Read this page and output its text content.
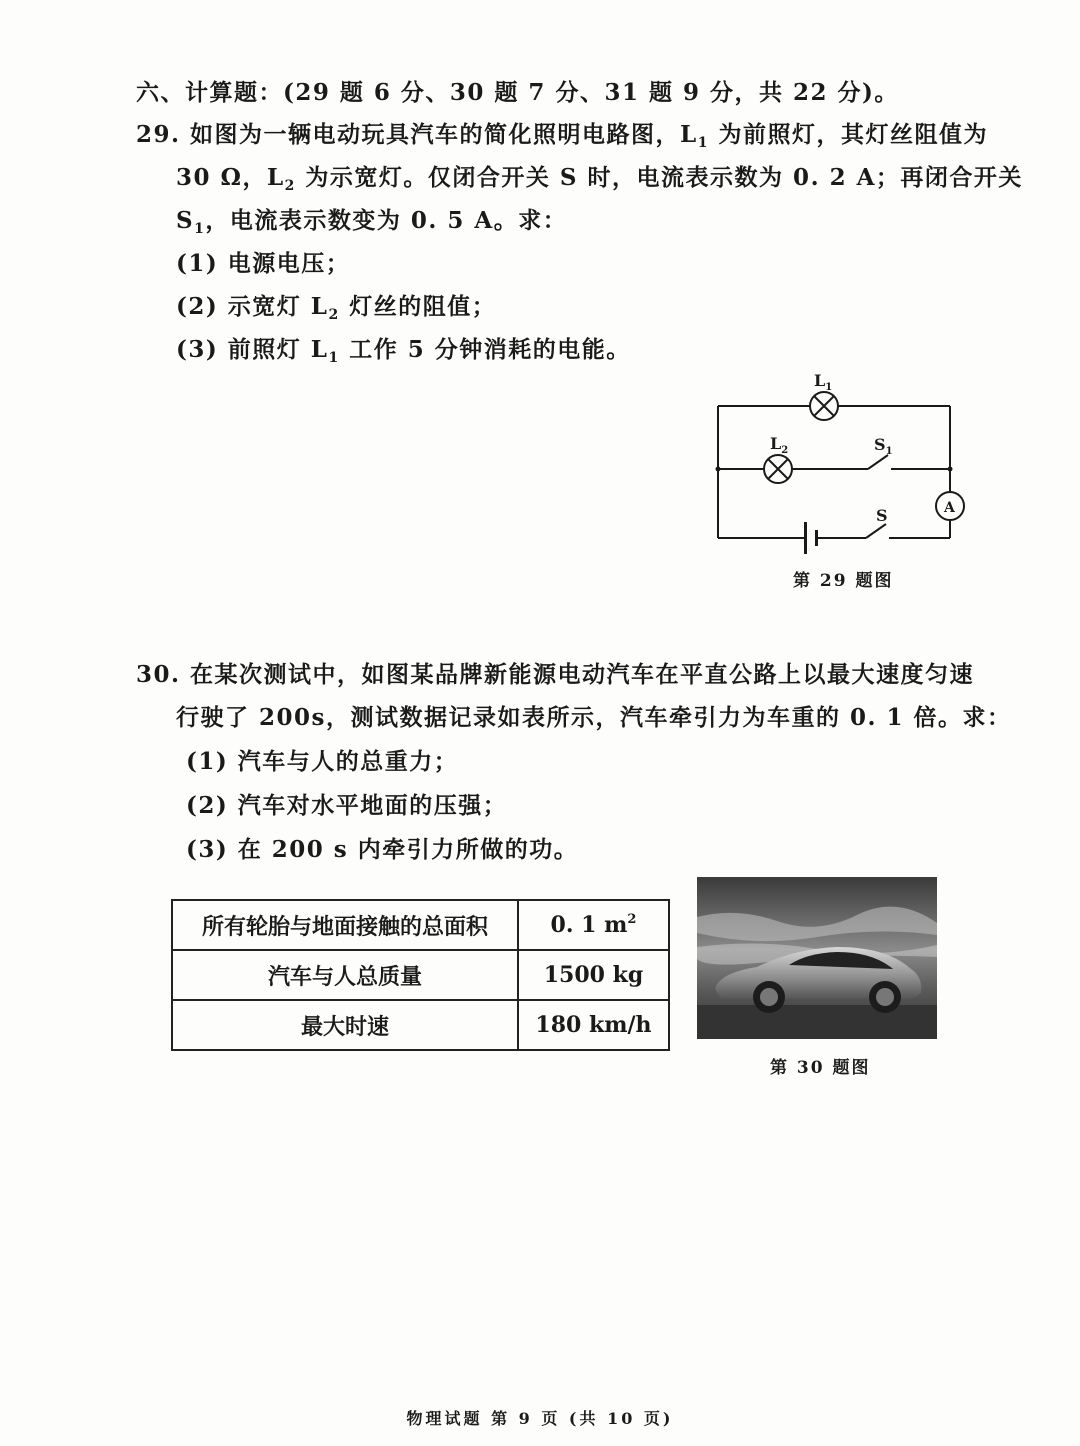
六、计算题：(29 题 6 分、30 题 7 分、31 题 9 分，共 22 分)。
29. 如图为一辆电动玩具汽车的简化照明电路图，$L_1$ 为前照灯，其灯丝阻值为
30 Ω，$L_2$ 为示宽灯。仅闭合开关 S 时，电流表示数为 0. 2 A；再闭合开关
$S_1$，电流表示数变为 0. 5 A。求：
(1) 电源电压；
(2) 示宽灯 $L_2$ 灯丝的阻值；
(3) 前照灯 $L_1$ 工作 5 分钟消耗的电能。
$L_1$
$L_2$	$S_1$
S	A
第 29 题图
30. 在某次测试中，如图某品牌新能源电动汽车在平直公路上以最大速度匀速
行驶了 200s，测试数据记录如表所示，汽车牵引力为车重的 0. 1 倍。求：
(1) 汽车与人的总重力；
(2) 汽车对水平地面的压强；
(3) 在 200 s 内牵引力所做的功。
所有轮胎与地面接触的总面积	0. 1 $m^2$
汽车与人总质量	1500 kg
最大时速	180 km/h
第 30 题图
物理试题 第 9 页 (共 10 页)
